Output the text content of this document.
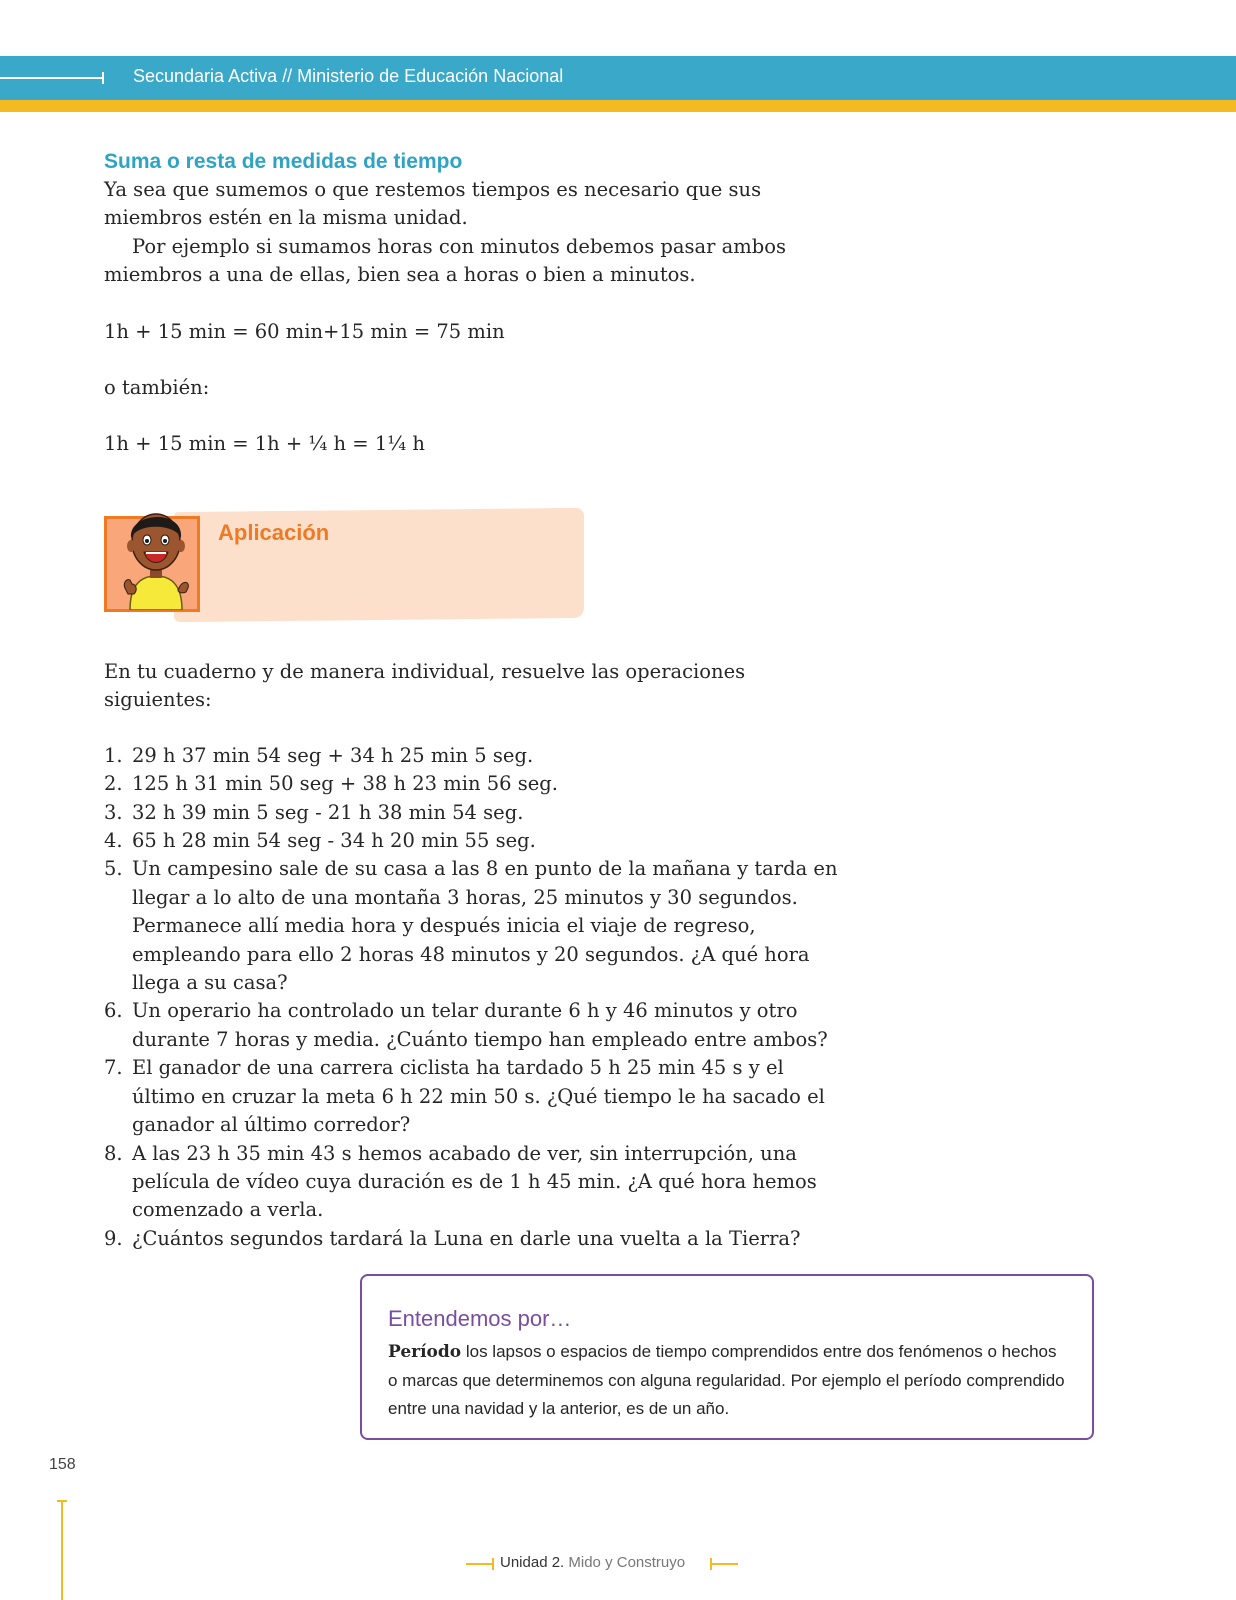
Secundaria Activa // Ministerio de Educación Nacional
Suma o resta de medidas de tiempo

Ya sea que sumemos o que restemos tiempos es necesario que sus miembros estén en la misma unidad.

Por ejemplo si sumamos horas con minutos debemos pasar ambos miembros a una de ellas, bien sea a horas o bien a minutos.

1h + 15 min = 60 min+15 min = 75 min

o también:

1h + 15 min = 1h + ¼ h = 1¼ h

Aplicación

En tu cuaderno y de manera individual, resuelve las operaciones siguientes:

1. 29 h 37 min 54 seg + 34 h 25 min 5 seg.
2. 125 h 31 min 50 seg + 38 h 23 min 56 seg.
3. 32 h 39 min 5 seg - 21 h 38 min 54 seg.
4. 65 h 28 min 54 seg - 34 h 20 min 55 seg.
5. Un campesino sale de su casa a las 8 en punto de la mañana y tarda en llegar a lo alto de una montaña 3 horas, 25 minutos y 30 segundos. Permanece allí media hora y después inicia el viaje de regreso, empleando para ello 2 horas 48 minutos y 20 segundos. ¿A qué hora llega a su casa?
6. Un operario ha controlado un telar durante 6 h y 46 minutos y otro durante 7 horas y media. ¿Cuánto tiempo han empleado entre ambos?
7. El ganador de una carrera ciclista ha tardado 5 h 25 min 45 s y el último en cruzar la meta 6 h 22 min 50 s. ¿Qué tiempo le ha sacado el ganador al último corredor?
8. A las 23 h 35 min 43 s hemos acabado de ver, sin interrupción, una película de vídeo cuya duración es de 1 h 45 min. ¿A qué hora hemos comenzado a verla.
9. ¿Cuántos segundos tardará la Luna en darle una vuelta a la Tierra?
Entendemos por…
Período los lapsos o espacios de tiempo comprendidos entre dos fenómenos o hechos o marcas que determinemos con alguna regularidad. Por ejemplo el período comprendido entre una navidad y la anterior, es de un año.
158
Unidad 2. Mido y Construyo
